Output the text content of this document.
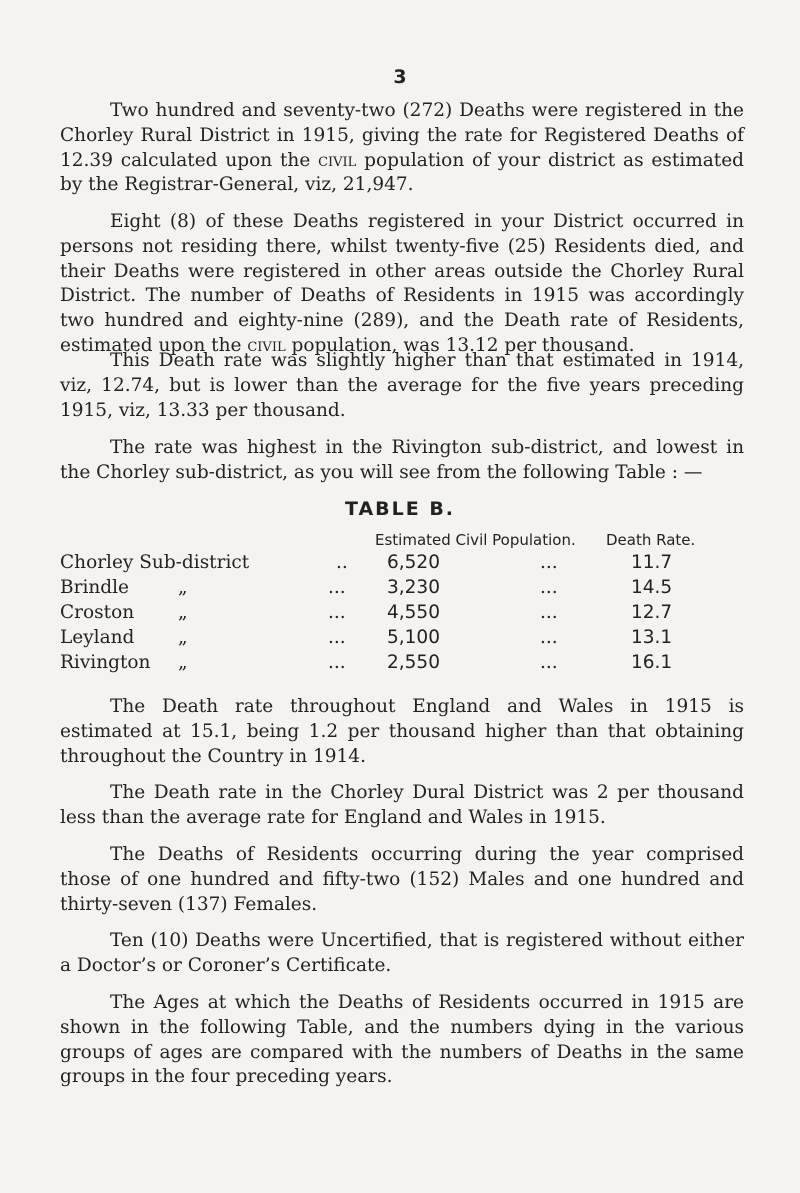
3

Two hundred and seventy-two (272) Deaths were registered in the Chorley Rural District in 1915, giving the rate for Registered Deaths of 12.39 calculated upon the civil population of your district as estimated by the Registrar-General, viz, 21,947.

Eight (8) of these Deaths registered in your District occurred in persons not residing there, whilst twenty-five (25) Residents died, and their Deaths were registered in other areas outside the Chorley Rural District. The number of Deaths of Residents in 1915 was accordingly two hundred and eighty-nine (289), and the Death rate of Residents, estimated upon the civil population, was 13.12 per thousand.

This Death rate was slightly higher than that estimated in 1914, viz, 12.74, but is lower than the average for the five years preceding 1915, viz, 13.33 per thousand.

The rate was highest in the Rivington sub-district, and lowest in the Chorley sub-district, as you will see from the following Table : —

TABLE B.
Estimated Civil Population. Death Rate.
Chorley Sub-district	.. 6,520	...	11.7
Brindle	„	... 3,230	...	14.5
Croston „	... 4,550	...	12.7
Leyland „	... 5,100	...	13.1
Rivington „	... 2,550	...	16.1

The Death rate throughout England and Wales in 1915 is estimated at 15.1, being 1.2 per thousand higher than that obtaining throughout the Country in 1914.

The Death rate in the Chorley Dural District was 2 per thousand less than the average rate for England and Wales in 1915.

The Deaths of Residents occurring during the year comprised those of one hundred and fifty-two (152) Males and one hundred and thirty-seven (137) Females.

Ten (10) Deaths were Uncertified, that is registered without either a Doctor’s or Coroner’s Certificate.

The Ages at which the Deaths of Residents occurred in 1915 are shown in the following Table, and the numbers dying in the various groups of ages are compared with the numbers of Deaths in the same groups in the four preceding years.
